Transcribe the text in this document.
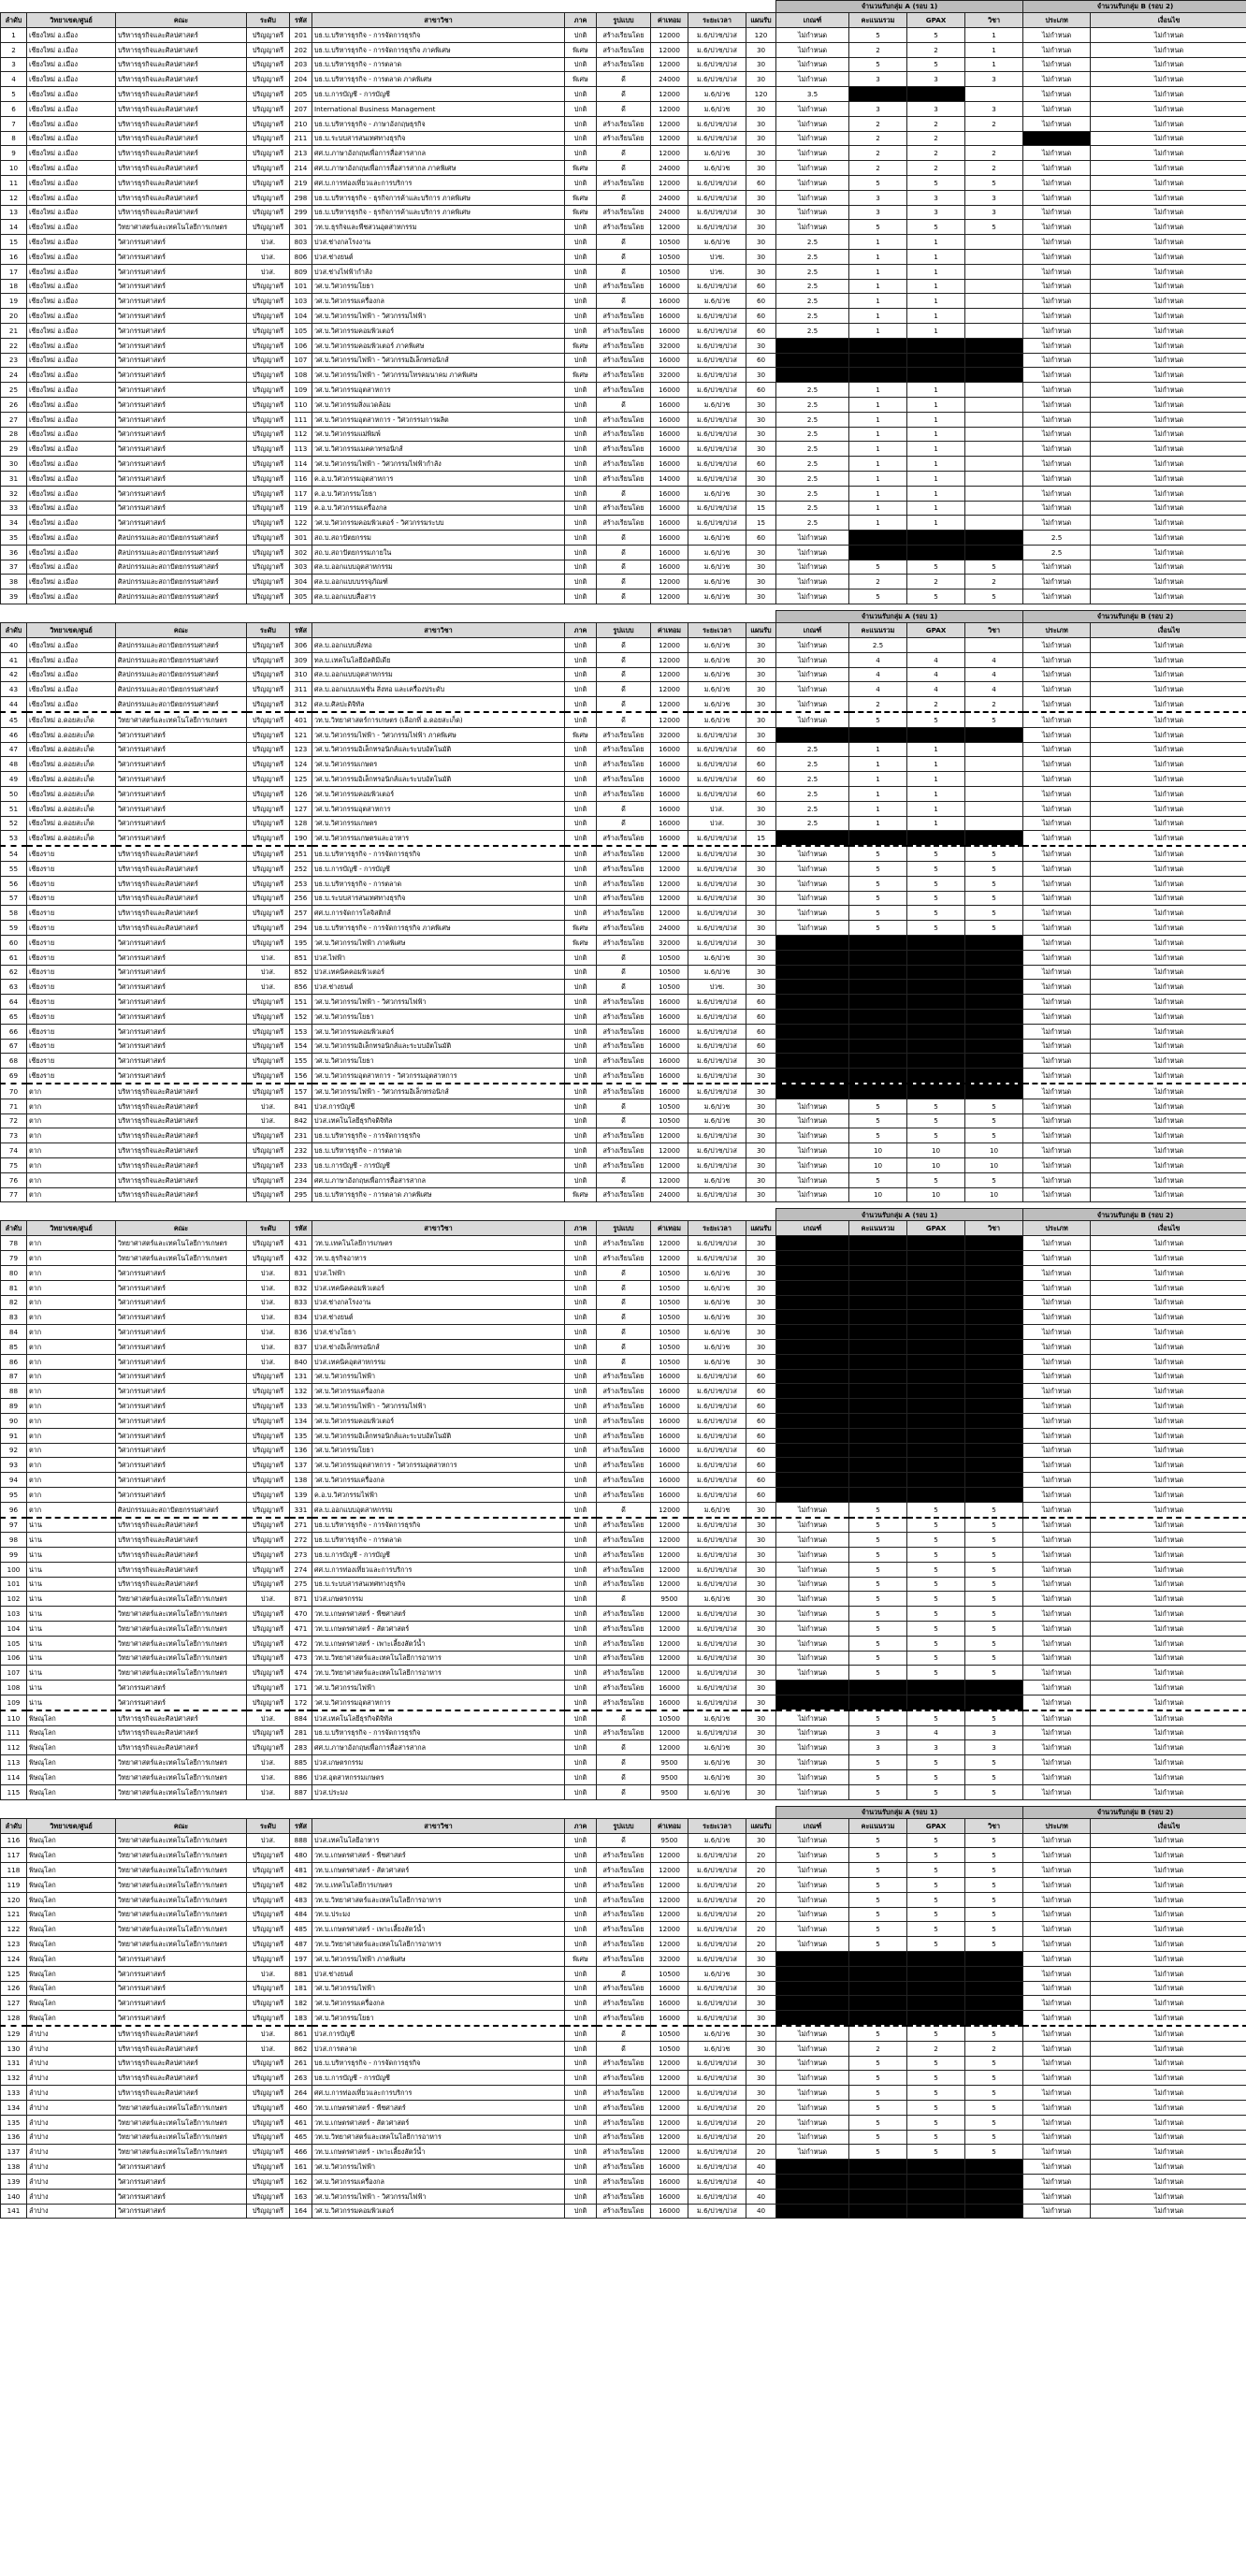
											จำนวนรับกลุ่ม A (รอบ 1)				จำนวนรับกลุ่ม B (รอบ 2)	
ลำดับ	วิทยาเขต/ศูนย์	คณะ	ระดับ	รหัส	สาขาวิชา	ภาค	รูปแบบ	ค่าเทอม	ระยะเวลา	แผนรับ	เกณฑ์	คะแนนรวม	GPAX	วิชา	ประเภท	เงื่อนไข
1	เชียงใหม่ อ.เมือง	บริหารธุรกิจและศิลปศาสตร์	ปริญญาตรี	201	บธ.บ.บริหารธุรกิจ - การจัดการธุรกิจ	ปกติ	สร้างเรียนโดย	12000	ม.6/ปวช/ปวส	120	ไม่กำหนด	5	5	1	ไม่กำหนด	ไม่กำหนด
2	เชียงใหม่ อ.เมือง	บริหารธุรกิจและศิลปศาสตร์	ปริญญาตรี	202	บธ.บ.บริหารธุรกิจ - การจัดการธุรกิจ ภาคพิเศษ	พิเศษ	สร้างเรียนโดย	12000	ม.6/ปวช/ปวส	30	ไม่กำหนด	2	2	1	ไม่กำหนด	ไม่กำหนด
3	เชียงใหม่ อ.เมือง	บริหารธุรกิจและศิลปศาสตร์	ปริญญาตรี	203	บธ.บ.บริหารธุรกิจ - การตลาด	ปกติ	สร้างเรียนโดย	12000	ม.6/ปวช/ปวส	30	ไม่กำหนด	5	5	1	ไม่กำหนด	ไม่กำหนด
4	เชียงใหม่ อ.เมือง	บริหารธุรกิจและศิลปศาสตร์	ปริญญาตรี	204	บธ.บ.บริหารธุรกิจ - การตลาด ภาคพิเศษ	พิเศษ	ดี	24000	ม.6/ปวช/ปวส	30	ไม่กำหนด	3	3	3	ไม่กำหนด	ไม่กำหนด
5	เชียงใหม่ อ.เมือง	บริหารธุรกิจและศิลปศาสตร์	ปริญญาตรี	205	บธ.บ.การบัญชี - การบัญชี	ปกติ	ดี	12000	ม.6/ปวช	120	3.5				ไม่กำหนด	ไม่กำหนด
6	เชียงใหม่ อ.เมือง	บริหารธุรกิจและศิลปศาสตร์	ปริญญาตรี	207	International Business Management	ปกติ	ดี	12000	ม.6/ปวช	30	ไม่กำหนด	3	3	3	ไม่กำหนด	ไม่กำหนด
7	เชียงใหม่ อ.เมือง	บริหารธุรกิจและศิลปศาสตร์	ปริญญาตรี	210	บธ.บ.บริหารธุรกิจ - ภาษาอังกฤษธุรกิจ	ปกติ	สร้างเรียนโดย	12000	ม.6/ปวช/ปวส	30	ไม่กำหนด	2	2	2	ไม่กำหนด	ไม่กำหนด
8	เชียงใหม่ อ.เมือง	บริหารธุรกิจและศิลปศาสตร์	ปริญญาตรี	211	บธ.บ.ระบบสารสนเทศทางธุรกิจ	ปกติ	สร้างเรียนโดย	12000	ม.6/ปวช/ปวส	30	ไม่กำหนด	2	2		ไม่กำหนด	ไม่กำหนด
9	เชียงใหม่ อ.เมือง	บริหารธุรกิจและศิลปศาสตร์	ปริญญาตรี	213	ศศ.บ.ภาษาอังกฤษเพื่อการสื่อสารสากล	ปกติ	ดี	12000	ม.6/ปวช	30	ไม่กำหนด	2	2	2	ไม่กำหนด	ไม่กำหนด
10	เชียงใหม่ อ.เมือง	บริหารธุรกิจและศิลปศาสตร์	ปริญญาตรี	214	ศศ.บ.ภาษาอังกฤษเพื่อการสื่อสารสากล ภาคพิเศษ	พิเศษ	ดี	24000	ม.6/ปวช	30	ไม่กำหนด	2	2	2	ไม่กำหนด	ไม่กำหนด
11	เชียงใหม่ อ.เมือง	บริหารธุรกิจและศิลปศาสตร์	ปริญญาตรี	219	ศศ.บ.การท่องเที่ยวและการบริการ	ปกติ	สร้างเรียนโดย	12000	ม.6/ปวช/ปวส	60	ไม่กำหนด	5	5	5	ไม่กำหนด	ไม่กำหนด
12	เชียงใหม่ อ.เมือง	บริหารธุรกิจและศิลปศาสตร์	ปริญญาตรี	298	บธ.บ.บริหารธุรกิจ - ธุรกิจการค้าและบริการ ภาคพิเศษ	พิเศษ	ดี	24000	ม.6/ปวช/ปวส	30	ไม่กำหนด	3	3	3	ไม่กำหนด	ไม่กำหนด
13	เชียงใหม่ อ.เมือง	บริหารธุรกิจและศิลปศาสตร์	ปริญญาตรี	299	บธ.บ.บริหารธุรกิจ - ธุรกิจการค้าและบริการ ภาคพิเศษ	พิเศษ	สร้างเรียนโดย	24000	ม.6/ปวช/ปวส	30	ไม่กำหนด	3	3	3	ไม่กำหนด	ไม่กำหนด
14	เชียงใหม่ อ.เมือง	วิทยาศาสตร์และเทคโนโลยีการเกษตร	ปริญญาตรี	301	วท.บ.ธุรกิจและพืชสวนอุตสาหกรรม	ปกติ	สร้างเรียนโดย	12000	ม.6/ปวช/ปวส	30	ไม่กำหนด	5	5	5	ไม่กำหนด	ไม่กำหนด
15	เชียงใหม่ อ.เมือง	วิศวกรรมศาสตร์	ปวส.	803	ปวส.ช่างกลโรงงาน	ปกติ	ดี	10500	ม.6/ปวช	30	2.5	1	1		ไม่กำหนด	ไม่กำหนด
16	เชียงใหม่ อ.เมือง	วิศวกรรมศาสตร์	ปวส.	806	ปวส.ช่างยนต์	ปกติ	ดี	10500	ปวช.	30	2.5	1	1		ไม่กำหนด	ไม่กำหนด
17	เชียงใหม่ อ.เมือง	วิศวกรรมศาสตร์	ปวส.	809	ปวส.ช่างไฟฟ้ากำลัง	ปกติ	ดี	10500	ปวช.	30	2.5	1	1		ไม่กำหนด	ไม่กำหนด
18	เชียงใหม่ อ.เมือง	วิศวกรรมศาสตร์	ปริญญาตรี	101	วศ.บ.วิศวกรรมโยธา	ปกติ	สร้างเรียนโดย	16000	ม.6/ปวช/ปวส	60	2.5	1	1		ไม่กำหนด	ไม่กำหนด
19	เชียงใหม่ อ.เมือง	วิศวกรรมศาสตร์	ปริญญาตรี	103	วศ.บ.วิศวกรรมเครื่องกล	ปกติ	ดี	16000	ม.6/ปวช	60	2.5	1	1		ไม่กำหนด	ไม่กำหนด
20	เชียงใหม่ อ.เมือง	วิศวกรรมศาสตร์	ปริญญาตรี	104	วศ.บ.วิศวกรรมไฟฟ้า - วิศวกรรมไฟฟ้า	ปกติ	สร้างเรียนโดย	16000	ม.6/ปวช/ปวส	60	2.5	1	1		ไม่กำหนด	ไม่กำหนด
21	เชียงใหม่ อ.เมือง	วิศวกรรมศาสตร์	ปริญญาตรี	105	วศ.บ.วิศวกรรมคอมพิวเตอร์	ปกติ	สร้างเรียนโดย	16000	ม.6/ปวช/ปวส	60	2.5	1	1		ไม่กำหนด	ไม่กำหนด
22	เชียงใหม่ อ.เมือง	วิศวกรรมศาสตร์	ปริญญาตรี	106	วศ.บ.วิศวกรรมคอมพิวเตอร์ ภาคพิเศษ	พิเศษ	สร้างเรียนโดย	32000	ม.6/ปวช/ปวส	30					ไม่กำหนด	ไม่กำหนด
23	เชียงใหม่ อ.เมือง	วิศวกรรมศาสตร์	ปริญญาตรี	107	วศ.บ.วิศวกรรมไฟฟ้า - วิศวกรรมอิเล็กทรอนิกส์	ปกติ	สร้างเรียนโดย	16000	ม.6/ปวช/ปวส	60					ไม่กำหนด	ไม่กำหนด
24	เชียงใหม่ อ.เมือง	วิศวกรรมศาสตร์	ปริญญาตรี	108	วศ.บ.วิศวกรรมไฟฟ้า - วิศวกรรมโทรคมนาคม ภาคพิเศษ	พิเศษ	สร้างเรียนโดย	32000	ม.6/ปวช/ปวส	30					ไม่กำหนด	ไม่กำหนด
25	เชียงใหม่ อ.เมือง	วิศวกรรมศาสตร์	ปริญญาตรี	109	วศ.บ.วิศวกรรมอุตสาหการ	ปกติ	สร้างเรียนโดย	16000	ม.6/ปวช/ปวส	60	2.5	1	1		ไม่กำหนด	ไม่กำหนด
26	เชียงใหม่ อ.เมือง	วิศวกรรมศาสตร์	ปริญญาตรี	110	วศ.บ.วิศวกรรมสิ่งแวดล้อม	ปกติ	ดี	16000	ม.6/ปวช	30	2.5	1	1		ไม่กำหนด	ไม่กำหนด
27	เชียงใหม่ อ.เมือง	วิศวกรรมศาสตร์	ปริญญาตรี	111	วศ.บ.วิศวกรรมอุตสาหการ - วิศวกรรมการผลิต	ปกติ	สร้างเรียนโดย	16000	ม.6/ปวช/ปวส	30	2.5	1	1		ไม่กำหนด	ไม่กำหนด
28	เชียงใหม่ อ.เมือง	วิศวกรรมศาสตร์	ปริญญาตรี	112	วศ.บ.วิศวกรรมแม่พิมพ์	ปกติ	สร้างเรียนโดย	16000	ม.6/ปวช/ปวส	30	2.5	1	1		ไม่กำหนด	ไม่กำหนด
29	เชียงใหม่ อ.เมือง	วิศวกรรมศาสตร์	ปริญญาตรี	113	วศ.บ.วิศวกรรมเมคคาทรอนิกส์	ปกติ	สร้างเรียนโดย	16000	ม.6/ปวช/ปวส	30	2.5	1	1		ไม่กำหนด	ไม่กำหนด
30	เชียงใหม่ อ.เมือง	วิศวกรรมศาสตร์	ปริญญาตรี	114	วศ.บ.วิศวกรรมไฟฟ้า - วิศวกรรมไฟฟ้ากำลัง	ปกติ	สร้างเรียนโดย	16000	ม.6/ปวช/ปวส	60	2.5	1	1		ไม่กำหนด	ไม่กำหนด
31	เชียงใหม่ อ.เมือง	วิศวกรรมศาสตร์	ปริญญาตรี	116	ค.อ.บ.วิศวกรรมอุตสาหการ	ปกติ	สร้างเรียนโดย	14000	ม.6/ปวช/ปวส	30	2.5	1	1		ไม่กำหนด	ไม่กำหนด
32	เชียงใหม่ อ.เมือง	วิศวกรรมศาสตร์	ปริญญาตรี	117	ค.อ.บ.วิศวกรรมโยธา	ปกติ	ดี	16000	ม.6/ปวช	30	2.5	1	1		ไม่กำหนด	ไม่กำหนด
33	เชียงใหม่ อ.เมือง	วิศวกรรมศาสตร์	ปริญญาตรี	119	ค.อ.บ.วิศวกรรมเครื่องกล	ปกติ	สร้างเรียนโดย	16000	ม.6/ปวช/ปวส	15	2.5	1	1		ไม่กำหนด	ไม่กำหนด
34	เชียงใหม่ อ.เมือง	วิศวกรรมศาสตร์	ปริญญาตรี	122	วศ.บ.วิศวกรรมคอมพิวเตอร์ - วิศวกรรมระบบ	ปกติ	สร้างเรียนโดย	16000	ม.6/ปวช/ปวส	15	2.5	1	1		ไม่กำหนด	ไม่กำหนด
35	เชียงใหม่ อ.เมือง	ศิลปกรรมและสถาปัตยกรรมศาสตร์	ปริญญาตรี	301	สถ.บ.สถาปัตยกรรม	ปกติ	ดี	16000	ม.6/ปวช	60	ไม่กำหนด				2.5	ไม่กำหนด
36	เชียงใหม่ อ.เมือง	ศิลปกรรมและสถาปัตยกรรมศาสตร์	ปริญญาตรี	302	สถ.บ.สถาปัตยกรรมภายใน	ปกติ	ดี	16000	ม.6/ปวช	30	ไม่กำหนด				2.5	ไม่กำหนด
37	เชียงใหม่ อ.เมือง	ศิลปกรรมและสถาปัตยกรรมศาสตร์	ปริญญาตรี	303	ศล.บ.ออกแบบอุตสาหกรรม	ปกติ	ดี	16000	ม.6/ปวช	30	ไม่กำหนด	5	5	5	ไม่กำหนด	ไม่กำหนด
38	เชียงใหม่ อ.เมือง	ศิลปกรรมและสถาปัตยกรรมศาสตร์	ปริญญาตรี	304	ศล.บ.ออกแบบบรรจุภัณฑ์	ปกติ	ดี	12000	ม.6/ปวช	30	ไม่กำหนด	2	2	2	ไม่กำหนด	ไม่กำหนด
39	เชียงใหม่ อ.เมือง	ศิลปกรรมและสถาปัตยกรรมศาสตร์	ปริญญาตรี	305	ศล.บ.ออกแบบสื่อสาร	ปกติ	ดี	12000	ม.6/ปวช	30	ไม่กำหนด	5	5	5	ไม่กำหนด	ไม่กำหนด
											จำนวนรับกลุ่ม A (รอบ 1)				จำนวนรับกลุ่ม B (รอบ 2)	
ลำดับ	วิทยาเขต/ศูนย์	คณะ	ระดับ	รหัส	สาขาวิชา	ภาค	รูปแบบ	ค่าเทอม	ระยะเวลา	แผนรับ	เกณฑ์	คะแนนรวม	GPAX	วิชา	ประเภท	เงื่อนไข
40	เชียงใหม่ อ.เมือง	ศิลปกรรมและสถาปัตยกรรมศาสตร์	ปริญญาตรี	306	ศล.บ.ออกแบบสิ่งทอ	ปกติ	ดี	12000	ม.6/ปวช	30	ไม่กำหนด	2.5			ไม่กำหนด	ไม่กำหนด
41	เชียงใหม่ อ.เมือง	ศิลปกรรมและสถาปัตยกรรมศาสตร์	ปริญญาตรี	309	ทล.บ.เทคโนโลยีมัลติมีเดีย	ปกติ	ดี	12000	ม.6/ปวช	30	ไม่กำหนด	4	4	4	ไม่กำหนด	ไม่กำหนด
42	เชียงใหม่ อ.เมือง	ศิลปกรรมและสถาปัตยกรรมศาสตร์	ปริญญาตรี	310	ศล.บ.ออกแบบอุตสาหกรรม	ปกติ	ดี	12000	ม.6/ปวช	30	ไม่กำหนด	4	4	4	ไม่กำหนด	ไม่กำหนด
43	เชียงใหม่ อ.เมือง	ศิลปกรรมและสถาปัตยกรรมศาสตร์	ปริญญาตรี	311	ศล.บ.ออกแบบแฟชั่น สิ่งทอ และเครื่องประดับ	ปกติ	ดี	12000	ม.6/ปวช	30	ไม่กำหนด	4	4	4	ไม่กำหนด	ไม่กำหนด
44	เชียงใหม่ อ.เมือง	ศิลปกรรมและสถาปัตยกรรมศาสตร์	ปริญญาตรี	312	ศล.บ.ศิลปะดิจิทัล	ปกติ	ดี	12000	ม.6/ปวช	30	ไม่กำหนด	2	2	2	ไม่กำหนด	ไม่กำหนด
45	เชียงใหม่ อ.ดอยสะเก็ด	วิทยาศาสตร์และเทคโนโลยีการเกษตร	ปริญญาตรี	401	วท.บ.วิทยาศาสตร์การเกษตร (เลือกที่ อ.ดอยสะเก็ด)	ปกติ	ดี	12000	ม.6/ปวช	30	ไม่กำหนด	5	5	5	ไม่กำหนด	ไม่กำหนด
46	เชียงใหม่ อ.ดอยสะเก็ด	วิศวกรรมศาสตร์	ปริญญาตรี	121	วศ.บ.วิศวกรรมไฟฟ้า - วิศวกรรมไฟฟ้า ภาคพิเศษ	พิเศษ	สร้างเรียนโดย	32000	ม.6/ปวช/ปวส	30					ไม่กำหนด	ไม่กำหนด
47	เชียงใหม่ อ.ดอยสะเก็ด	วิศวกรรมศาสตร์	ปริญญาตรี	123	วศ.บ.วิศวกรรมอิเล็กทรอนิกส์และระบบอัตโนมัติ	ปกติ	สร้างเรียนโดย	16000	ม.6/ปวช/ปวส	60	2.5	1	1		ไม่กำหนด	ไม่กำหนด
48	เชียงใหม่ อ.ดอยสะเก็ด	วิศวกรรมศาสตร์	ปริญญาตรี	124	วศ.บ.วิศวกรรมเกษตร	ปกติ	สร้างเรียนโดย	16000	ม.6/ปวช/ปวส	60	2.5	1	1		ไม่กำหนด	ไม่กำหนด
49	เชียงใหม่ อ.ดอยสะเก็ด	วิศวกรรมศาสตร์	ปริญญาตรี	125	วศ.บ.วิศวกรรมอิเล็กทรอนิกส์และระบบอัตโนมัติ	ปกติ	สร้างเรียนโดย	16000	ม.6/ปวช/ปวส	60	2.5	1	1		ไม่กำหนด	ไม่กำหนด
50	เชียงใหม่ อ.ดอยสะเก็ด	วิศวกรรมศาสตร์	ปริญญาตรี	126	วศ.บ.วิศวกรรมคอมพิวเตอร์	ปกติ	สร้างเรียนโดย	16000	ม.6/ปวช/ปวส	60	2.5	1	1		ไม่กำหนด	ไม่กำหนด
51	เชียงใหม่ อ.ดอยสะเก็ด	วิศวกรรมศาสตร์	ปริญญาตรี	127	วศ.บ.วิศวกรรมอุตสาหการ	ปกติ	ดี	16000	ปวส.	30	2.5	1	1		ไม่กำหนด	ไม่กำหนด
52	เชียงใหม่ อ.ดอยสะเก็ด	วิศวกรรมศาสตร์	ปริญญาตรี	128	วศ.บ.วิศวกรรมเกษตร	ปกติ	ดี	16000	ปวส.	30	2.5	1	1		ไม่กำหนด	ไม่กำหนด
53	เชียงใหม่ อ.ดอยสะเก็ด	วิศวกรรมศาสตร์	ปริญญาตรี	190	วศ.บ.วิศวกรรมเกษตรและอาหาร	ปกติ	สร้างเรียนโดย	16000	ม.6/ปวช/ปวส	15					ไม่กำหนด	ไม่กำหนด
54	เชียงราย	บริหารธุรกิจและศิลปศาสตร์	ปริญญาตรี	251	บธ.บ.บริหารธุรกิจ - การจัดการธุรกิจ	ปกติ	สร้างเรียนโดย	12000	ม.6/ปวช/ปวส	30	ไม่กำหนด	5	5	5	ไม่กำหนด	ไม่กำหนด
55	เชียงราย	บริหารธุรกิจและศิลปศาสตร์	ปริญญาตรี	252	บธ.บ.การบัญชี - การบัญชี	ปกติ	สร้างเรียนโดย	12000	ม.6/ปวช/ปวส	30	ไม่กำหนด	5	5	5	ไม่กำหนด	ไม่กำหนด
56	เชียงราย	บริหารธุรกิจและศิลปศาสตร์	ปริญญาตรี	253	บธ.บ.บริหารธุรกิจ - การตลาด	ปกติ	สร้างเรียนโดย	12000	ม.6/ปวช/ปวส	30	ไม่กำหนด	5	5	5	ไม่กำหนด	ไม่กำหนด
57	เชียงราย	บริหารธุรกิจและศิลปศาสตร์	ปริญญาตรี	256	บธ.บ.ระบบสารสนเทศทางธุรกิจ	ปกติ	สร้างเรียนโดย	12000	ม.6/ปวช/ปวส	30	ไม่กำหนด	5	5	5	ไม่กำหนด	ไม่กำหนด
58	เชียงราย	บริหารธุรกิจและศิลปศาสตร์	ปริญญาตรี	257	ศศ.บ.การจัดการโลจิสติกส์	ปกติ	สร้างเรียนโดย	12000	ม.6/ปวช/ปวส	30	ไม่กำหนด	5	5	5	ไม่กำหนด	ไม่กำหนด
59	เชียงราย	บริหารธุรกิจและศิลปศาสตร์	ปริญญาตรี	294	บธ.บ.บริหารธุรกิจ - การจัดการธุรกิจ ภาคพิเศษ	พิเศษ	สร้างเรียนโดย	24000	ม.6/ปวช/ปวส	30	ไม่กำหนด	5	5	5	ไม่กำหนด	ไม่กำหนด
60	เชียงราย	วิศวกรรมศาสตร์	ปริญญาตรี	195	วศ.บ.วิศวกรรมไฟฟ้า ภาคพิเศษ	พิเศษ	สร้างเรียนโดย	32000	ม.6/ปวช/ปวส	30					ไม่กำหนด	ไม่กำหนด
61	เชียงราย	วิศวกรรมศาสตร์	ปวส.	851	ปวส.ไฟฟ้า	ปกติ	ดี	10500	ม.6/ปวช	30					ไม่กำหนด	ไม่กำหนด
62	เชียงราย	วิศวกรรมศาสตร์	ปวส.	852	ปวส.เทคนิคคอมพิวเตอร์	ปกติ	ดี	10500	ม.6/ปวช	30					ไม่กำหนด	ไม่กำหนด
63	เชียงราย	วิศวกรรมศาสตร์	ปวส.	856	ปวส.ช่างยนต์	ปกติ	ดี	10500	ปวช.	30					ไม่กำหนด	ไม่กำหนด
64	เชียงราย	วิศวกรรมศาสตร์	ปริญญาตรี	151	วศ.บ.วิศวกรรมไฟฟ้า - วิศวกรรมไฟฟ้า	ปกติ	สร้างเรียนโดย	16000	ม.6/ปวช/ปวส	60					ไม่กำหนด	ไม่กำหนด
65	เชียงราย	วิศวกรรมศาสตร์	ปริญญาตรี	152	วศ.บ.วิศวกรรมโยธา	ปกติ	สร้างเรียนโดย	16000	ม.6/ปวช/ปวส	60					ไม่กำหนด	ไม่กำหนด
66	เชียงราย	วิศวกรรมศาสตร์	ปริญญาตรี	153	วศ.บ.วิศวกรรมคอมพิวเตอร์	ปกติ	สร้างเรียนโดย	16000	ม.6/ปวช/ปวส	60					ไม่กำหนด	ไม่กำหนด
67	เชียงราย	วิศวกรรมศาสตร์	ปริญญาตรี	154	วศ.บ.วิศวกรรมอิเล็กทรอนิกส์และระบบอัตโนมัติ	ปกติ	สร้างเรียนโดย	16000	ม.6/ปวช/ปวส	60					ไม่กำหนด	ไม่กำหนด
68	เชียงราย	วิศวกรรมศาสตร์	ปริญญาตรี	155	วศ.บ.วิศวกรรมโยธา	ปกติ	สร้างเรียนโดย	16000	ม.6/ปวช/ปวส	30					ไม่กำหนด	ไม่กำหนด
69	เชียงราย	วิศวกรรมศาสตร์	ปริญญาตรี	156	วศ.บ.วิศวกรรมอุตสาหการ - วิศวกรรมอุตสาหการ	ปกติ	สร้างเรียนโดย	16000	ม.6/ปวช/ปวส	30					ไม่กำหนด	ไม่กำหนด
70	ตาก	บริหารธุรกิจและศิลปศาสตร์	ปริญญาตรี	157	วศ.บ.วิศวกรรมไฟฟ้า - วิศวกรรมอิเล็กทรอนิกส์	ปกติ	สร้างเรียนโดย	16000	ม.6/ปวช/ปวส	30					ไม่กำหนด	ไม่กำหนด
71	ตาก	บริหารธุรกิจและศิลปศาสตร์	ปวส.	841	ปวส.การบัญชี	ปกติ	ดี	10500	ม.6/ปวช	30	ไม่กำหนด	5	5	5	ไม่กำหนด	ไม่กำหนด
72	ตาก	บริหารธุรกิจและศิลปศาสตร์	ปวส.	842	ปวส.เทคโนโลยีธุรกิจดิจิทัล	ปกติ	ดี	10500	ม.6/ปวช	30	ไม่กำหนด	5	5	5	ไม่กำหนด	ไม่กำหนด
73	ตาก	บริหารธุรกิจและศิลปศาสตร์	ปริญญาตรี	231	บธ.บ.บริหารธุรกิจ - การจัดการธุรกิจ	ปกติ	สร้างเรียนโดย	12000	ม.6/ปวช/ปวส	30	ไม่กำหนด	5	5	5	ไม่กำหนด	ไม่กำหนด
74	ตาก	บริหารธุรกิจและศิลปศาสตร์	ปริญญาตรี	232	บธ.บ.บริหารธุรกิจ - การตลาด	ปกติ	สร้างเรียนโดย	12000	ม.6/ปวช/ปวส	30	ไม่กำหนด	10	10	10	ไม่กำหนด	ไม่กำหนด
75	ตาก	บริหารธุรกิจและศิลปศาสตร์	ปริญญาตรี	233	บธ.บ.การบัญชี - การบัญชี	ปกติ	สร้างเรียนโดย	12000	ม.6/ปวช/ปวส	30	ไม่กำหนด	10	10	10	ไม่กำหนด	ไม่กำหนด
76	ตาก	บริหารธุรกิจและศิลปศาสตร์	ปริญญาตรี	234	ศศ.บ.ภาษาอังกฤษเพื่อการสื่อสารสากล	ปกติ	ดี	12000	ม.6/ปวช	30	ไม่กำหนด	5	5	5	ไม่กำหนด	ไม่กำหนด
77	ตาก	บริหารธุรกิจและศิลปศาสตร์	ปริญญาตรี	295	บธ.บ.บริหารธุรกิจ - การตลาด ภาคพิเศษ	พิเศษ	สร้างเรียนโดย	24000	ม.6/ปวช/ปวส	30	ไม่กำหนด	10	10	10	ไม่กำหนด	ไม่กำหนด
											จำนวนรับกลุ่ม A (รอบ 1)				จำนวนรับกลุ่ม B (รอบ 2)	
ลำดับ	วิทยาเขต/ศูนย์	คณะ	ระดับ	รหัส	สาขาวิชา	ภาค	รูปแบบ	ค่าเทอม	ระยะเวลา	แผนรับ	เกณฑ์	คะแนนรวม	GPAX	วิชา	ประเภท	เงื่อนไข
78	ตาก	วิทยาศาสตร์และเทคโนโลยีการเกษตร	ปริญญาตรี	431	วท.บ.เทคโนโลยีการเกษตร	ปกติ	สร้างเรียนโดย	12000	ม.6/ปวช/ปวส	30					ไม่กำหนด	ไม่กำหนด
79	ตาก	วิทยาศาสตร์และเทคโนโลยีการเกษตร	ปริญญาตรี	432	วท.บ.ธุรกิจอาหาร	ปกติ	สร้างเรียนโดย	12000	ม.6/ปวช/ปวส	30					ไม่กำหนด	ไม่กำหนด
80	ตาก	วิศวกรรมศาสตร์	ปวส.	831	ปวส.ไฟฟ้า	ปกติ	ดี	10500	ม.6/ปวช	30					ไม่กำหนด	ไม่กำหนด
81	ตาก	วิศวกรรมศาสตร์	ปวส.	832	ปวส.เทคนิคคอมพิวเตอร์	ปกติ	ดี	10500	ม.6/ปวช	30					ไม่กำหนด	ไม่กำหนด
82	ตาก	วิศวกรรมศาสตร์	ปวส.	833	ปวส.ช่างกลโรงงาน	ปกติ	ดี	10500	ม.6/ปวช	30					ไม่กำหนด	ไม่กำหนด
83	ตาก	วิศวกรรมศาสตร์	ปวส.	834	ปวส.ช่างยนต์	ปกติ	ดี	10500	ม.6/ปวช	30					ไม่กำหนด	ไม่กำหนด
84	ตาก	วิศวกรรมศาสตร์	ปวส.	836	ปวส.ช่างโยธา	ปกติ	ดี	10500	ม.6/ปวช	30					ไม่กำหนด	ไม่กำหนด
85	ตาก	วิศวกรรมศาสตร์	ปวส.	837	ปวส.ช่างอิเล็กทรอนิกส์	ปกติ	ดี	10500	ม.6/ปวช	30					ไม่กำหนด	ไม่กำหนด
86	ตาก	วิศวกรรมศาสตร์	ปวส.	840	ปวส.เทคนิคอุตสาหกรรม	ปกติ	ดี	10500	ม.6/ปวช	30					ไม่กำหนด	ไม่กำหนด
87	ตาก	วิศวกรรมศาสตร์	ปริญญาตรี	131	วศ.บ.วิศวกรรมไฟฟ้า	ปกติ	สร้างเรียนโดย	16000	ม.6/ปวช/ปวส	60					ไม่กำหนด	ไม่กำหนด
88	ตาก	วิศวกรรมศาสตร์	ปริญญาตรี	132	วศ.บ.วิศวกรรมเครื่องกล	ปกติ	สร้างเรียนโดย	16000	ม.6/ปวช/ปวส	60					ไม่กำหนด	ไม่กำหนด
89	ตาก	วิศวกรรมศาสตร์	ปริญญาตรี	133	วศ.บ.วิศวกรรมไฟฟ้า - วิศวกรรมไฟฟ้า	ปกติ	สร้างเรียนโดย	16000	ม.6/ปวช/ปวส	60					ไม่กำหนด	ไม่กำหนด
90	ตาก	วิศวกรรมศาสตร์	ปริญญาตรี	134	วศ.บ.วิศวกรรมคอมพิวเตอร์	ปกติ	สร้างเรียนโดย	16000	ม.6/ปวช/ปวส	60					ไม่กำหนด	ไม่กำหนด
91	ตาก	วิศวกรรมศาสตร์	ปริญญาตรี	135	วศ.บ.วิศวกรรมอิเล็กทรอนิกส์และระบบอัตโนมัติ	ปกติ	สร้างเรียนโดย	16000	ม.6/ปวช/ปวส	60					ไม่กำหนด	ไม่กำหนด
92	ตาก	วิศวกรรมศาสตร์	ปริญญาตรี	136	วศ.บ.วิศวกรรมโยธา	ปกติ	สร้างเรียนโดย	16000	ม.6/ปวช/ปวส	60					ไม่กำหนด	ไม่กำหนด
93	ตาก	วิศวกรรมศาสตร์	ปริญญาตรี	137	วศ.บ.วิศวกรรมอุตสาหการ - วิศวกรรมอุตสาหการ	ปกติ	สร้างเรียนโดย	16000	ม.6/ปวช/ปวส	60					ไม่กำหนด	ไม่กำหนด
94	ตาก	วิศวกรรมศาสตร์	ปริญญาตรี	138	วศ.บ.วิศวกรรมเครื่องกล	ปกติ	สร้างเรียนโดย	16000	ม.6/ปวช/ปวส	60					ไม่กำหนด	ไม่กำหนด
95	ตาก	วิศวกรรมศาสตร์	ปริญญาตรี	139	ค.อ.บ.วิศวกรรมไฟฟ้า	ปกติ	สร้างเรียนโดย	16000	ม.6/ปวช/ปวส	60					ไม่กำหนด	ไม่กำหนด
96	ตาก	ศิลปกรรมและสถาปัตยกรรมศาสตร์	ปริญญาตรี	331	ศล.บ.ออกแบบอุตสาหกรรม	ปกติ	ดี	12000	ม.6/ปวช	30	ไม่กำหนด	5	5	5	ไม่กำหนด	ไม่กำหนด
97	น่าน	บริหารธุรกิจและศิลปศาสตร์	ปริญญาตรี	271	บธ.บ.บริหารธุรกิจ - การจัดการธุรกิจ	ปกติ	สร้างเรียนโดย	12000	ม.6/ปวช/ปวส	30	ไม่กำหนด	5	5	5	ไม่กำหนด	ไม่กำหนด
98	น่าน	บริหารธุรกิจและศิลปศาสตร์	ปริญญาตรี	272	บธ.บ.บริหารธุรกิจ - การตลาด	ปกติ	สร้างเรียนโดย	12000	ม.6/ปวช/ปวส	30	ไม่กำหนด	5	5	5	ไม่กำหนด	ไม่กำหนด
99	น่าน	บริหารธุรกิจและศิลปศาสตร์	ปริญญาตรี	273	บธ.บ.การบัญชี - การบัญชี	ปกติ	สร้างเรียนโดย	12000	ม.6/ปวช/ปวส	30	ไม่กำหนด	5	5	5	ไม่กำหนด	ไม่กำหนด
100	น่าน	บริหารธุรกิจและศิลปศาสตร์	ปริญญาตรี	274	ศศ.บ.การท่องเที่ยวและการบริการ	ปกติ	สร้างเรียนโดย	12000	ม.6/ปวช/ปวส	30	ไม่กำหนด	5	5	5	ไม่กำหนด	ไม่กำหนด
101	น่าน	บริหารธุรกิจและศิลปศาสตร์	ปริญญาตรี	275	บธ.บ.ระบบสารสนเทศทางธุรกิจ	ปกติ	สร้างเรียนโดย	12000	ม.6/ปวช/ปวส	30	ไม่กำหนด	5	5	5	ไม่กำหนด	ไม่กำหนด
102	น่าน	วิทยาศาสตร์และเทคโนโลยีการเกษตร	ปวส.	871	ปวส.เกษตรกรรม	ปกติ	ดี	9500	ม.6/ปวช	30	ไม่กำหนด	5	5	5	ไม่กำหนด	ไม่กำหนด
103	น่าน	วิทยาศาสตร์และเทคโนโลยีการเกษตร	ปริญญาตรี	470	วท.บ.เกษตรศาสตร์ - พืชศาสตร์	ปกติ	สร้างเรียนโดย	12000	ม.6/ปวช/ปวส	30	ไม่กำหนด	5	5	5	ไม่กำหนด	ไม่กำหนด
104	น่าน	วิทยาศาสตร์และเทคโนโลยีการเกษตร	ปริญญาตรี	471	วท.บ.เกษตรศาสตร์ - สัตวศาสตร์	ปกติ	สร้างเรียนโดย	12000	ม.6/ปวช/ปวส	30	ไม่กำหนด	5	5	5	ไม่กำหนด	ไม่กำหนด
105	น่าน	วิทยาศาสตร์และเทคโนโลยีการเกษตร	ปริญญาตรี	472	วท.บ.เกษตรศาสตร์ - เพาะเลี้ยงสัตว์น้ำ	ปกติ	สร้างเรียนโดย	12000	ม.6/ปวช/ปวส	30	ไม่กำหนด	5	5	5	ไม่กำหนด	ไม่กำหนด
106	น่าน	วิทยาศาสตร์และเทคโนโลยีการเกษตร	ปริญญาตรี	473	วท.บ.วิทยาศาสตร์และเทคโนโลยีการอาหาร	ปกติ	สร้างเรียนโดย	12000	ม.6/ปวช/ปวส	30	ไม่กำหนด	5	5	5	ไม่กำหนด	ไม่กำหนด
107	น่าน	วิทยาศาสตร์และเทคโนโลยีการเกษตร	ปริญญาตรี	474	วท.บ.วิทยาศาสตร์และเทคโนโลยีการอาหาร	ปกติ	สร้างเรียนโดย	12000	ม.6/ปวช/ปวส	30	ไม่กำหนด	5	5	5	ไม่กำหนด	ไม่กำหนด
108	น่าน	วิศวกรรมศาสตร์	ปริญญาตรี	171	วศ.บ.วิศวกรรมไฟฟ้า	ปกติ	สร้างเรียนโดย	16000	ม.6/ปวช/ปวส	30					ไม่กำหนด	ไม่กำหนด
109	น่าน	วิศวกรรมศาสตร์	ปริญญาตรี	172	วศ.บ.วิศวกรรมอุตสาหการ	ปกติ	สร้างเรียนโดย	16000	ม.6/ปวช/ปวส	30					ไม่กำหนด	ไม่กำหนด
110	พิษณุโลก	บริหารธุรกิจและศิลปศาสตร์	ปวส.	884	ปวส.เทคโนโลยีธุรกิจดิจิทัล	ปกติ	ดี	10500	ม.6/ปวช	30	ไม่กำหนด	5	5	5	ไม่กำหนด	ไม่กำหนด
111	พิษณุโลก	บริหารธุรกิจและศิลปศาสตร์	ปริญญาตรี	281	บธ.บ.บริหารธุรกิจ - การจัดการธุรกิจ	ปกติ	สร้างเรียนโดย	12000	ม.6/ปวช/ปวส	30	ไม่กำหนด	3	4	3	ไม่กำหนด	ไม่กำหนด
112	พิษณุโลก	บริหารธุรกิจและศิลปศาสตร์	ปริญญาตรี	283	ศศ.บ.ภาษาอังกฤษเพื่อการสื่อสารสากล	ปกติ	ดี	12000	ม.6/ปวช	30	ไม่กำหนด	3	3	3	ไม่กำหนด	ไม่กำหนด
113	พิษณุโลก	วิทยาศาสตร์และเทคโนโลยีการเกษตร	ปวส.	885	ปวส.เกษตรกรรม	ปกติ	ดี	9500	ม.6/ปวช	30	ไม่กำหนด	5	5	5	ไม่กำหนด	ไม่กำหนด
114	พิษณุโลก	วิทยาศาสตร์และเทคโนโลยีการเกษตร	ปวส.	886	ปวส.อุตสาหกรรมเกษตร	ปกติ	ดี	9500	ม.6/ปวช	30	ไม่กำหนด	5	5	5	ไม่กำหนด	ไม่กำหนด
115	พิษณุโลก	วิทยาศาสตร์และเทคโนโลยีการเกษตร	ปวส.	887	ปวส.ประมง	ปกติ	ดี	9500	ม.6/ปวช	30	ไม่กำหนด	5	5	5	ไม่กำหนด	ไม่กำหนด
											จำนวนรับกลุ่ม A (รอบ 1)				จำนวนรับกลุ่ม B (รอบ 2)	
ลำดับ	วิทยาเขต/ศูนย์	คณะ	ระดับ	รหัส	สาขาวิชา	ภาค	รูปแบบ	ค่าเทอม	ระยะเวลา	แผนรับ	เกณฑ์	คะแนนรวม	GPAX	วิชา	ประเภท	เงื่อนไข
116	พิษณุโลก	วิทยาศาสตร์และเทคโนโลยีการเกษตร	ปวส.	888	ปวส.เทคโนโลยีอาหาร	ปกติ	ดี	9500	ม.6/ปวช	30	ไม่กำหนด	5	5	5	ไม่กำหนด	ไม่กำหนด
117	พิษณุโลก	วิทยาศาสตร์และเทคโนโลยีการเกษตร	ปริญญาตรี	480	วท.บ.เกษตรศาสตร์ - พืชศาสตร์	ปกติ	สร้างเรียนโดย	12000	ม.6/ปวช/ปวส	20	ไม่กำหนด	5	5	5	ไม่กำหนด	ไม่กำหนด
118	พิษณุโลก	วิทยาศาสตร์และเทคโนโลยีการเกษตร	ปริญญาตรี	481	วท.บ.เกษตรศาสตร์ - สัตวศาสตร์	ปกติ	สร้างเรียนโดย	12000	ม.6/ปวช/ปวส	20	ไม่กำหนด	5	5	5	ไม่กำหนด	ไม่กำหนด
119	พิษณุโลก	วิทยาศาสตร์และเทคโนโลยีการเกษตร	ปริญญาตรี	482	วท.บ.เทคโนโลยีการเกษตร	ปกติ	สร้างเรียนโดย	12000	ม.6/ปวช/ปวส	20	ไม่กำหนด	5	5	5	ไม่กำหนด	ไม่กำหนด
120	พิษณุโลก	วิทยาศาสตร์และเทคโนโลยีการเกษตร	ปริญญาตรี	483	วท.บ.วิทยาศาสตร์และเทคโนโลยีการอาหาร	ปกติ	สร้างเรียนโดย	12000	ม.6/ปวช/ปวส	20	ไม่กำหนด	5	5	5	ไม่กำหนด	ไม่กำหนด
121	พิษณุโลก	วิทยาศาสตร์และเทคโนโลยีการเกษตร	ปริญญาตรี	484	วท.บ.ประมง	ปกติ	สร้างเรียนโดย	12000	ม.6/ปวช/ปวส	20	ไม่กำหนด	5	5	5	ไม่กำหนด	ไม่กำหนด
122	พิษณุโลก	วิทยาศาสตร์และเทคโนโลยีการเกษตร	ปริญญาตรี	485	วท.บ.เกษตรศาสตร์ - เพาะเลี้ยงสัตว์น้ำ	ปกติ	สร้างเรียนโดย	12000	ม.6/ปวช/ปวส	20	ไม่กำหนด	5	5	5	ไม่กำหนด	ไม่กำหนด
123	พิษณุโลก	วิทยาศาสตร์และเทคโนโลยีการเกษตร	ปริญญาตรี	487	วท.บ.วิทยาศาสตร์และเทคโนโลยีการอาหาร	ปกติ	สร้างเรียนโดย	12000	ม.6/ปวช/ปวส	20	ไม่กำหนด	5	5	5	ไม่กำหนด	ไม่กำหนด
124	พิษณุโลก	วิศวกรรมศาสตร์	ปริญญาตรี	197	วศ.บ.วิศวกรรมไฟฟ้า ภาคพิเศษ	พิเศษ	สร้างเรียนโดย	32000	ม.6/ปวช/ปวส	30					ไม่กำหนด	ไม่กำหนด
125	พิษณุโลก	วิศวกรรมศาสตร์	ปวส.	881	ปวส.ช่างยนต์	ปกติ	ดี	10500	ม.6/ปวช	30					ไม่กำหนด	ไม่กำหนด
126	พิษณุโลก	วิศวกรรมศาสตร์	ปริญญาตรี	181	วศ.บ.วิศวกรรมไฟฟ้า	ปกติ	สร้างเรียนโดย	16000	ม.6/ปวช/ปวส	30					ไม่กำหนด	ไม่กำหนด
127	พิษณุโลก	วิศวกรรมศาสตร์	ปริญญาตรี	182	วศ.บ.วิศวกรรมเครื่องกล	ปกติ	สร้างเรียนโดย	16000	ม.6/ปวช/ปวส	30					ไม่กำหนด	ไม่กำหนด
128	พิษณุโลก	วิศวกรรมศาสตร์	ปริญญาตรี	183	วศ.บ.วิศวกรรมโยธา	ปกติ	สร้างเรียนโดย	16000	ม.6/ปวช/ปวส	30					ไม่กำหนด	ไม่กำหนด
129	ลำปาง	บริหารธุรกิจและศิลปศาสตร์	ปวส.	861	ปวส.การบัญชี	ปกติ	ดี	10500	ม.6/ปวช	30	ไม่กำหนด	5	5	5	ไม่กำหนด	ไม่กำหนด
130	ลำปาง	บริหารธุรกิจและศิลปศาสตร์	ปวส.	862	ปวส.การตลาด	ปกติ	ดี	10500	ม.6/ปวช	30	ไม่กำหนด	2	2	2	ไม่กำหนด	ไม่กำหนด
131	ลำปาง	บริหารธุรกิจและศิลปศาสตร์	ปริญญาตรี	261	บธ.บ.บริหารธุรกิจ - การจัดการธุรกิจ	ปกติ	สร้างเรียนโดย	12000	ม.6/ปวช/ปวส	30	ไม่กำหนด	5	5	5	ไม่กำหนด	ไม่กำหนด
132	ลำปาง	บริหารธุรกิจและศิลปศาสตร์	ปริญญาตรี	263	บธ.บ.การบัญชี - การบัญชี	ปกติ	สร้างเรียนโดย	12000	ม.6/ปวช/ปวส	30	ไม่กำหนด	5	5	5	ไม่กำหนด	ไม่กำหนด
133	ลำปาง	บริหารธุรกิจและศิลปศาสตร์	ปริญญาตรี	264	ศศ.บ.การท่องเที่ยวและการบริการ	ปกติ	สร้างเรียนโดย	12000	ม.6/ปวช/ปวส	30	ไม่กำหนด	5	5	5	ไม่กำหนด	ไม่กำหนด
134	ลำปาง	วิทยาศาสตร์และเทคโนโลยีการเกษตร	ปริญญาตรี	460	วท.บ.เกษตรศาสตร์ - พืชศาสตร์	ปกติ	สร้างเรียนโดย	12000	ม.6/ปวช/ปวส	20	ไม่กำหนด	5	5	5	ไม่กำหนด	ไม่กำหนด
135	ลำปาง	วิทยาศาสตร์และเทคโนโลยีการเกษตร	ปริญญาตรี	461	วท.บ.เกษตรศาสตร์ - สัตวศาสตร์	ปกติ	สร้างเรียนโดย	12000	ม.6/ปวช/ปวส	20	ไม่กำหนด	5	5	5	ไม่กำหนด	ไม่กำหนด
136	ลำปาง	วิทยาศาสตร์และเทคโนโลยีการเกษตร	ปริญญาตรี	465	วท.บ.วิทยาศาสตร์และเทคโนโลยีการอาหาร	ปกติ	สร้างเรียนโดย	12000	ม.6/ปวช/ปวส	20	ไม่กำหนด	5	5	5	ไม่กำหนด	ไม่กำหนด
137	ลำปาง	วิทยาศาสตร์และเทคโนโลยีการเกษตร	ปริญญาตรี	466	วท.บ.เกษตรศาสตร์ - เพาะเลี้ยงสัตว์น้ำ	ปกติ	สร้างเรียนโดย	12000	ม.6/ปวช/ปวส	20	ไม่กำหนด	5	5	5	ไม่กำหนด	ไม่กำหนด
138	ลำปาง	วิศวกรรมศาสตร์	ปริญญาตรี	161	วศ.บ.วิศวกรรมไฟฟ้า	ปกติ	สร้างเรียนโดย	16000	ม.6/ปวช/ปวส	40					ไม่กำหนด	ไม่กำหนด
139	ลำปาง	วิศวกรรมศาสตร์	ปริญญาตรี	162	วศ.บ.วิศวกรรมเครื่องกล	ปกติ	สร้างเรียนโดย	16000	ม.6/ปวช/ปวส	40					ไม่กำหนด	ไม่กำหนด
140	ลำปาง	วิศวกรรมศาสตร์	ปริญญาตรี	163	วศ.บ.วิศวกรรมไฟฟ้า - วิศวกรรมไฟฟ้า	ปกติ	สร้างเรียนโดย	16000	ม.6/ปวช/ปวส	40					ไม่กำหนด	ไม่กำหนด
141	ลำปาง	วิศวกรรมศาสตร์	ปริญญาตรี	164	วศ.บ.วิศวกรรมคอมพิวเตอร์	ปกติ	สร้างเรียนโดย	16000	ม.6/ปวช/ปวส	40					ไม่กำหนด	ไม่กำหนด
